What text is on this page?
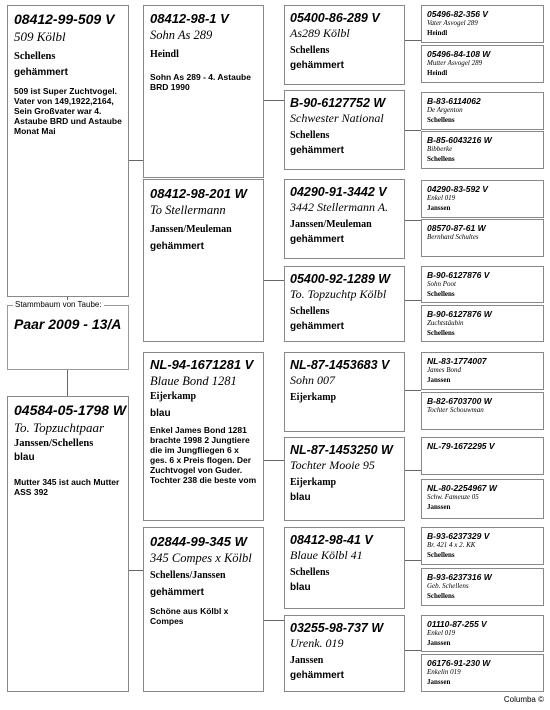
08412-99-509 V
509 Kölbl
Schellens
gehämmert
509 ist Super Zuchtvogel. Vater von 149,1922,2164, Sein Großvater war 4. Astaube BRD und Astaube Monat Mai
Stammbaum von Taube:
Paar 2009 - 13/A
04584-05-1798 W
To. Topzuchtpaar
Janssen/Schellens
blau
Mutter 345 ist auch Mutter ASS 392
08412-98-1 V
Sohn As 289
Heindl
Sohn As 289 - 4. Astaube BRD 1990
08412-98-201 W
To Stellermann
Janssen/Meuleman
gehämmert
NL-94-1671281 V
Blaue Bond 1281
Eijerkamp
blau
Enkel James Bond 1281 brachte 1998 2 Jungtiere die im Jungfliegen 6 x ges. 6 x Preis flogen. Der Zuchtvogel von Guder. Tochter 238 die beste vom
02844-99-345 W
345 Compes x Kölbl
Schellens/Janssen
gehämmert
Schöne aus Kölbl x Compes
05400-86-289 V
As289 Kölbl
Schellens
gehämmert
B-90-6127752 W
Schwester National
Schellens
gehämmert
04290-91-3442 V
3442 Stellermann A.
Janssen/Meuleman
gehämmert
05400-92-1289 W
To. Topzuchtp Kölbl
Schellens
gehämmert
NL-87-1453683 V
Sohn 007
Eijerkamp
NL-87-1453250 W
Tochter Mooie 95
Eijerkamp
blau
08412-98-41 V
Blaue Kölbl 41
Schellens
blau
03255-98-737 W
Urenk. 019
Janssen
gehämmert
05496-82-356 V
Vater Asvogel 289
Heindl
05496-84-108 W
Mutter Asvogel 289
Heindl
B-83-6114062
De Argenton
Schellens
B-85-6043216 W
Bibberke
Schellens
04290-83-592 V
Enkel 019
Janssen
08570-87-61 W
Bernhard Schultes
B-90-6127876 V
Sohn Poot
Schellens
B-90-6127876 W
Zuchtstäubin
Schellens
NL-83-1774007
James Bond
Janssen
B-82-6703700 W
Tochter Schouwman
NL-79-1672295 V
NL-80-2254967 W
Schw. Fameuze 05
Janssen
B-93-6237329 V
Br. 421 4 x 2. KK
Schellens
B-93-6237316 W
Geb. Schellens
Schellens
01110-87-255 V
Enkel 019
Janssen
06176-91-230 W
Enkelin 019
Janssen
Columba ©
